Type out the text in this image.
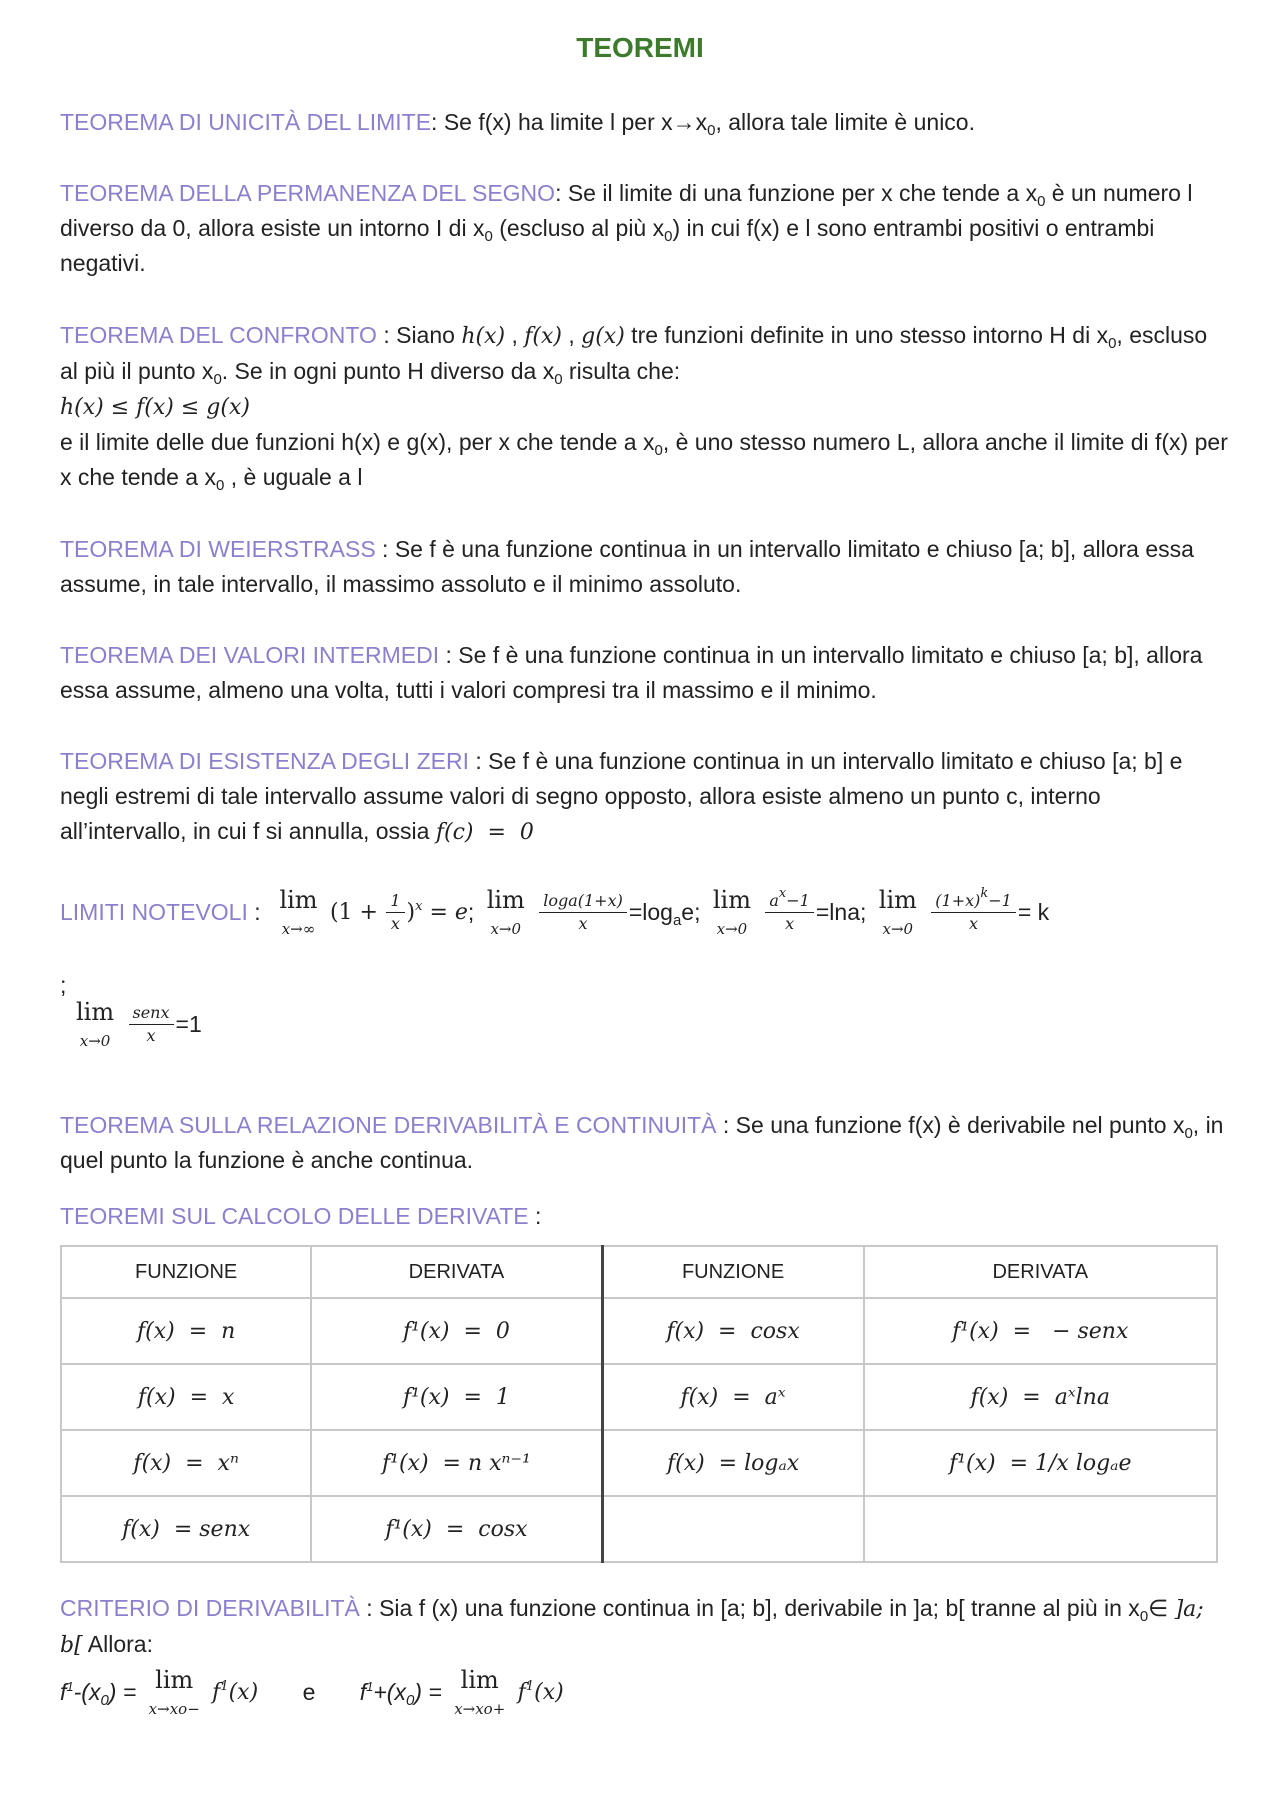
TEOREMI
TEOREMA DI UNICITÀ DEL LIMITE: Se f(x) ha limite l per $x\to x_0$, allora tale limite è unico.
TEOREMA DELLA PERMANENZA DEL SEGNO: Se il limite di una funzione per x che tende a $x_0$ è un numero l diverso da 0, allora esiste un intorno I di $x_0$ (escluso al più $x_0$) in cui f(x) e l sono entrambi positivi o entrambi negativi.
TEOREMA DEL CONFRONTO : Siano h(x) , f(x) , g(x) tre funzioni definite in uno stesso intorno H di $x_0$, escluso al più il punto $x_0$. Se in ogni punto H diverso da $x_0$ risulta che:
h(x) ≤ f(x) ≤ g(x)
e il limite delle due funzioni h(x) e g(x), per x che tende a $x_0$, è uno stesso numero L, allora anche il limite di f(x) per x che tende a $x_0$ , è uguale a l
TEOREMA DI WEIERSTRASS : Se f è una funzione continua in un intervallo limitato e chiuso [a; b], allora essa assume, in tale intervallo, il massimo assoluto e il minimo assoluto.
TEOREMA DEI VALORI INTERMEDI : Se f è una funzione continua in un intervallo limitato e chiuso [a; b], allora essa assume, almeno una volta, tutti i valori compresi tra il massimo e il minimo.
TEOREMA DI ESISTENZA DEGLI ZERI : Se f è una funzione continua in un intervallo limitato e chiuso [a; b] e negli estremi di tale intervallo assume valori di segno opposto, allora esiste almeno un punto c, interno all’intervallo, in cui f si annulla, ossia f(c)  =  0
LIMITI NOTEVOLI : lim
x→∞
$(1 + \frac{1}{x} )^x = e$; lim
x→0
$\frac{\log a(1+x)}{x} =\log_ae$; lim
x→0
$\frac{a^x-1}{x} =\ln a$; lim
x→0
$\frac{(1+x)^k-1}{x} = k$
;
lim
x→0
$\frac{\text{senx}}{x} =1$
TEOREMA SULLA RELAZIONE DERIVABILITÀ E CONTINUITÀ : Se una funzione f(x) è derivabile nel punto $x_0$, in quel punto la funzione è anche continua.
TEOREMI SUL CALCOLO DELLE DERIVATE :
FUNZIONE	DERIVATA	FUNZIONE	DERIVATA
f(x)  =  n	f¹(x)  =  0	f(x)  =  cosx	f¹(x)  =   − senx
f(x)  =  x	f¹(x)  =  1	f(x)  =  aˣ	f(x)  =  aˣlna
f(x)  =  xⁿ	f¹(x)  = n xⁿ⁻¹	f(x)  = logₐx	f¹(x)  = 1/x logₐe
f(x)  = senx	f¹(x)  =  cosx		
CRITERIO DI DERIVABILITÀ : Sia f (x) una funzione continua in [a; b], derivabile in ]a; b[ tranne al più in $x_0\in$ ]a; b[ Allora:
$f^1-(x_0) = \lim$
x→xo−
$f^1(x)$ e $f^1+(x_0) = \lim$
x→xo+
$f^1(x)$
